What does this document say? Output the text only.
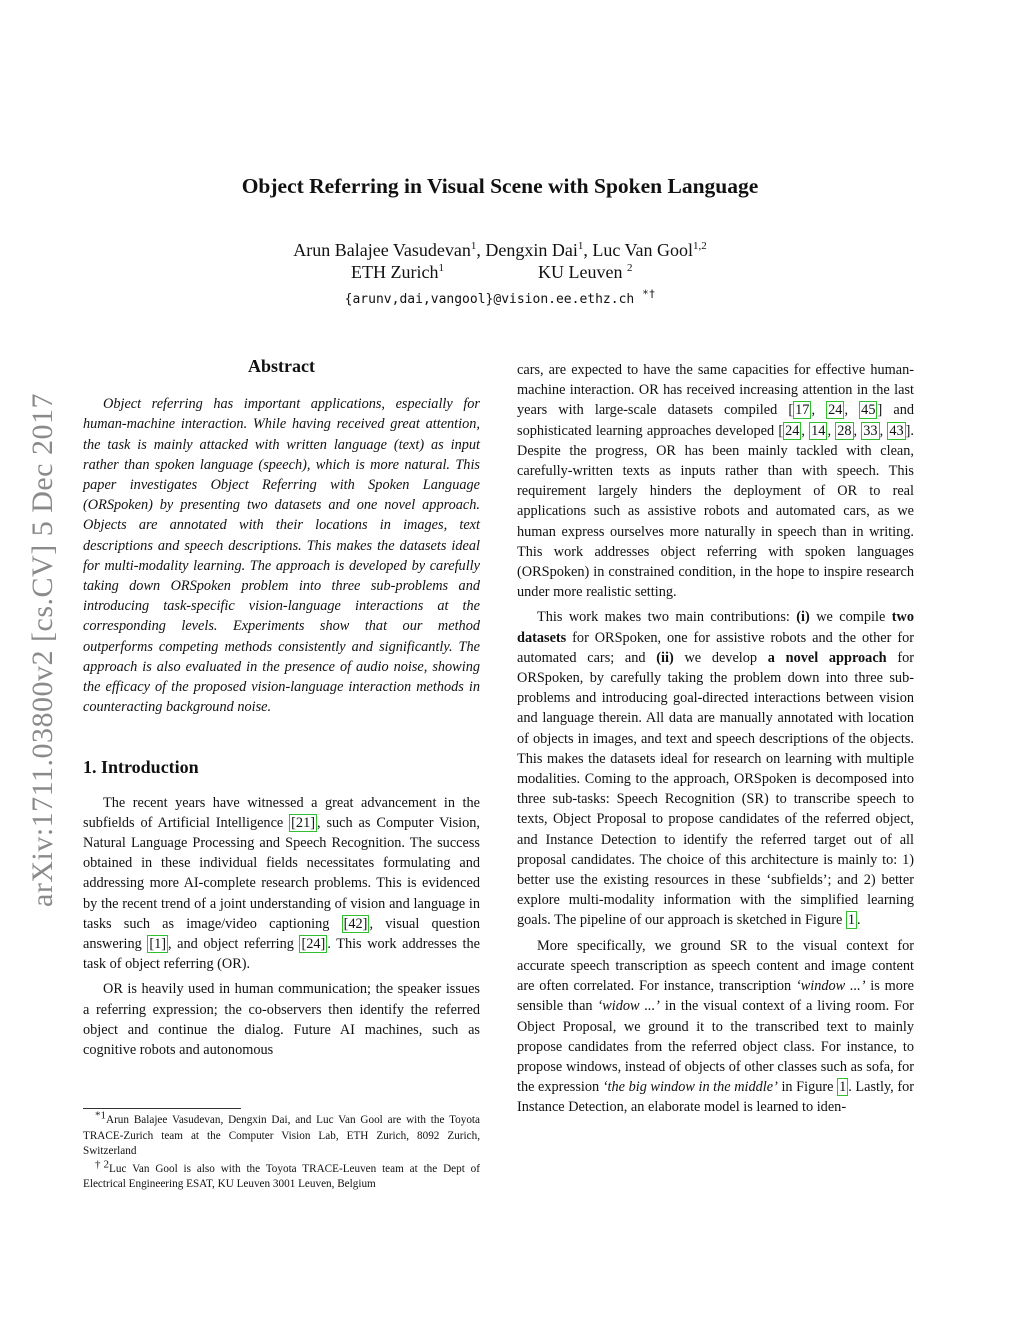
arXiv:1711.03800v2 [cs.CV] 5 Dec 2017
Object Referring in Visual Scene with Spoken Language
Arun Balajee Vasudevan$^1$, Dengxin Dai$^1$, Luc Van Gool$^{1,2}$
ETH Zurich$^1$	KU Leuven $^2$
{arunv,dai,vangool}@vision.ee.ethz.ch *†
Abstract

Object referring has important applications, especially for human-machine interaction. While having received great attention, the task is mainly attacked with written language (text) as input rather than spoken language (speech), which is more natural. This paper investigates Object Referring with Spoken Language (ORSpoken) by presenting two datasets and one novel approach. Objects are annotated with their locations in images, text descriptions and speech descriptions. This makes the datasets ideal for multi-modality learning. The approach is developed by carefully taking down ORSpoken problem into three sub-problems and introducing task-specific vision-language interactions at the corresponding levels. Experiments show that our method outperforms competing methods consistently and significantly. The approach is also evaluated in the presence of audio noise, showing the efficacy of the proposed vision-language interaction methods in counteracting background noise.

1. Introduction

The recent years have witnessed a great advancement in the subfields of Artificial Intelligence [21] , such as Computer Vision, Natural Language Processing and Speech Recognition. The success obtained in these individual fields necessitates formulating and addressing more AI-complete research problems. This is evidenced by the recent trend of a joint understanding of vision and language in tasks such as image/video captioning [42] , visual question answering [1] , and object referring [24] . This work addresses the task of object referring (OR).

OR is heavily used in human communication; the speaker issues a referring expression; the co-observers then identify the referred object and continue the dialog. Future AI machines, such as cognitive robots and autonomous

cars, are expected to have the same capacities for effective human-machine interaction. OR has received increasing attention in the last years with large-scale datasets compiled [ 17 , 24 , 45 ] and sophisticated learning approaches developed [ 24 , 14 , 28 , 33 , 43 ]. Despite the progress, OR has been mainly tackled with clean, carefully-written texts as inputs rather than with speech. This requirement largely hinders the deployment of OR to real applications such as assistive robots and automated cars, as we human express ourselves more naturally in speech than in writing. This work addresses object referring with spoken languages (ORSpoken) in constrained condition, in the hope to inspire research under more realistic setting.

This work makes two main contributions: (i) we compile two datasets for ORSpoken, one for assistive robots and the other for automated cars; and (ii) we develop a novel approach for ORSpoken, by carefully taking the problem down into three sub-problems and introducing goal-directed interactions between vision and language therein. All data are manually annotated with location of objects in images, and text and speech descriptions of the objects. This makes the datasets ideal for research on learning with multiple modalities. Coming to the approach, ORSpoken is decomposed into three sub-tasks: Speech Recognition (SR) to transcribe speech to texts, Object Proposal to propose candidates of the referred object, and Instance Detection to identify the referred target out of all proposal candidates. The choice of this architecture is mainly to: 1) better use the existing resources in these ‘subfields’; and 2) better explore multi-modality information with the simplified learning goals. The pipeline of our approach is sketched in Figure 1 .

More specifically, we ground SR to the visual context for accurate speech transcription as speech content and image content are often correlated. For instance, transcription ‘window ...’ is more sensible than ‘widow ...’ in the visual context of a living room. For Object Proposal, we ground it to the transcribed text to mainly propose candidates from the referred object class. For instance, to propose windows, instead of objects of other classes such as sofa, for the expression ‘the big window in the middle’ in Figure 1 . Lastly, for Instance Detection, an elaborate model is learned to iden-

$^{*1}$Arun Balajee Vasudevan, Dengxin Dai, and Luc Van Gool are with the Toyota TRACE-Zurich team at the Computer Vision Lab, ETH Zurich, 8092 Zurich, Switzerland

$^{\dagger 2}$Luc Van Gool is also with the Toyota TRACE-Leuven team at the Dept of Electrical Engineering ESAT, KU Leuven 3001 Leuven, Belgium
